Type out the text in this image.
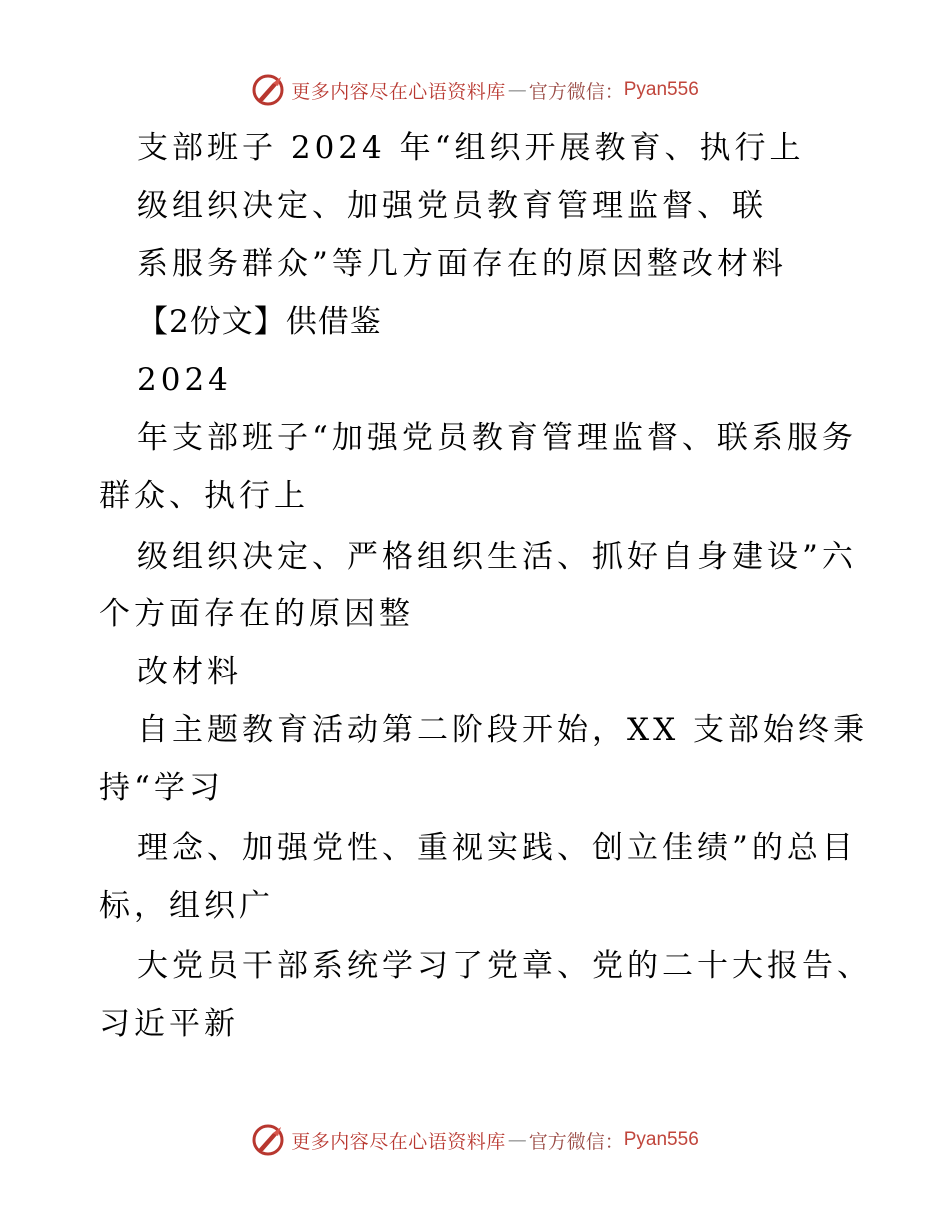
更多内容尽在心语资料库 — 官方微信： Pyan556
支部班子 2024 年“组织开展教育、执行上
级组织决定、加强党员教育管理监督、联
系服务群众”等几方面存在的原因整改材料
【2份文】供借鉴
2024
年支部班子“加强党员教育管理监督、联系服务
群众、执行上
级组织决定、严格组织生活、抓好自身建设”六
个方面存在的原因整
改材料
自主题教育活动第二阶段开始，XX 支部始终秉
持“学习
理念、加强党性、重视实践、创立佳绩”的总目
标，组织广
大党员干部系统学习了党章、党的二十大报告、
习近平新
更多内容尽在心语资料库 — 官方微信： Pyan556
